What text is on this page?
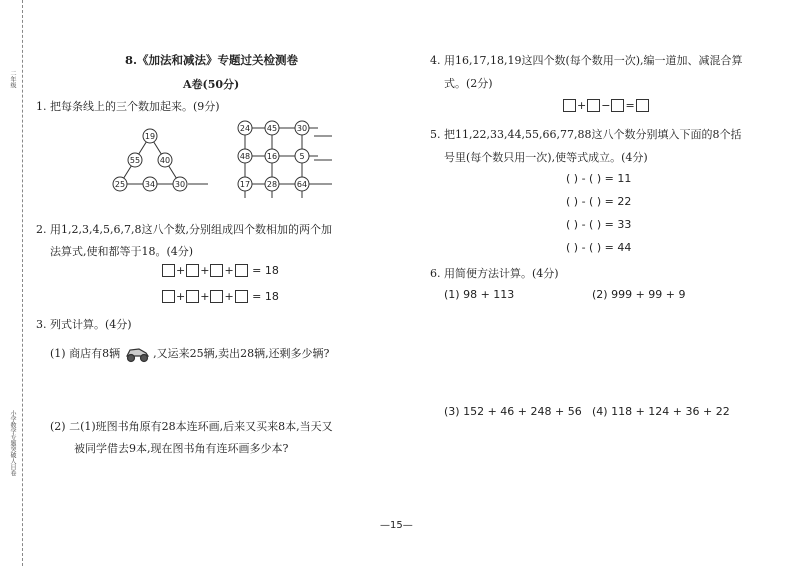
二年级
小学数学专题突破人目卷
8.《加法和减法》专题过关检测卷
A卷(50分)
1. 把每条线上的三个数加起来。(9分)
19
55 40
25 34 30
24 45 30
48 16	5
17 28 64
2. 用1,2,3,4,5,6,7,8这八个数,分别组成四个数相加的两个加
法算式,使和都等于18。(4分)
+ + + = 18
+ + + = 18
3. 列式计算。(4分)
(1) 商店有8辆	,又运来25辆,卖出28辆,还剩多少辆?
(2) 二(1)班图书角原有28本连环画,后来又买来8本,当天又
被同学借去9本,现在图书角有连环画多少本?
4. 用16,17,18,19这四个数(每个数用一次),编一道加、减混合算
式。(2分)
+ − =
5. 把11,22,33,44,55,66,77,88这八个数分别填入下面的8个括
号里(每个数只用一次),使等式成立。(4分)
( ) - ( ) = 11
( ) - ( ) = 22
( ) - ( ) = 33
( ) - ( ) = 44
6. 用简便方法计算。(4分)
(1) 98 + 113	(2) 999 + 99 + 9
(3) 152 + 46 + 248 + 56 (4) 118 + 124 + 36 + 22
—15—
